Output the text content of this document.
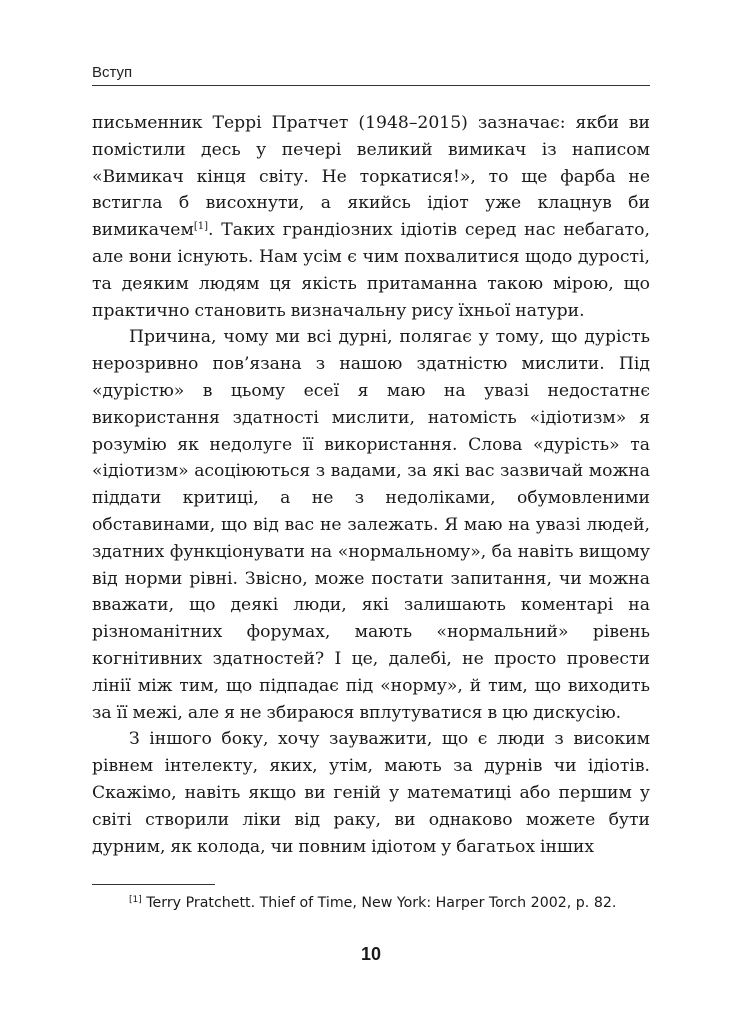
Вступ

письменник Террі Пратчет (1948–2015) зазначає: якби ви помістили десь у печері великий вимикач із написом «Вимикач кінця світу. Не торкатися!», то ще фарба не встигла б висохнути, а якийсь ідіот уже клацнув би вимикачем[1]. Таких грандіозних ідіотів серед нас небагато, але вони існують. Нам усім є чим похвалитися щодо дурості, та деяким людям ця якість притаманна такою мірою, що практично становить визначальну рису їхньої натури.

Причина, чому ми всі дурні, полягає у тому, що дурість нерозривно пов’язана з нашою здатністю мислити. Під «дурістю» в цьому есеї я маю на увазі недостатнє використання здатності мислити, натомість «ідіотизм» я розумію як недолуге її використання. Слова «дурість» та «ідіотизм» асоціюються з вадами, за які вас зазвичай можна піддати критиці, а не з недоліками, обумовленими обставинами, що від вас не залежать. Я маю на увазі людей, здатних функціонувати на «нормальному», ба навіть вищому від норми рівні. Звісно, може постати запитання, чи можна вважати, що деякі люди, які залишають коментарі на різноманітних форумах, мають «нормальний» рівень когнітивних здатностей? І це, далебі, не просто провести лінії між тим, що підпадає під «норму», й тим, що виходить за її межі, але я не збираюся вплутуватися в цю дискусію.

З іншого боку, хочу зауважити, що є люди з високим рівнем інтелекту, яких, утім, мають за дурнів чи ідіотів. Скажімо, навіть якщо ви геній у математиці або першим у світі створили ліки від раку, ви однаково можете бути дурним, як колода, чи повним ідіотом у багатьох інших

[1] Terry Pratchett. Thief of Time, New York: Harper Torch 2002, p. 82.
10
